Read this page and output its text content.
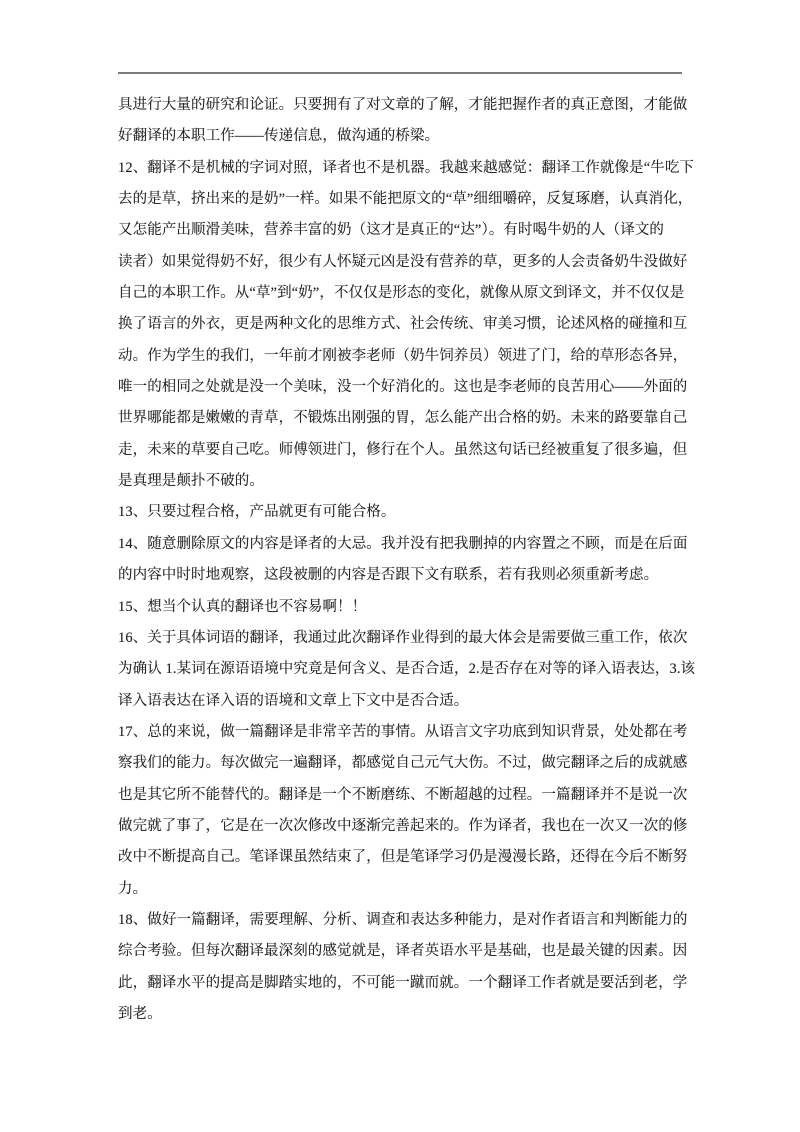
具进行大量的研究和论证。只要拥有了对文章的了解，才能把握作者的真正意图，才能做
好翻译的本职工作——传递信息，做沟通的桥梁。
12、翻译不是机械的字词对照，译者也不是机器。我越来越感觉：翻译工作就像是“牛吃下
去的是草，挤出来的是奶”一样。如果不能把原文的“草”细细嚼碎，反复琢磨，认真消化，
又怎能产出顺滑美味，营养丰富的奶（这才是真正的“达”）。有时喝牛奶的人（译文的
读者）如果觉得奶不好，很少有人怀疑元凶是没有营养的草，更多的人会责备奶牛没做好
自己的本职工作。从“草”到“奶”，不仅仅是形态的变化，就像从原文到译文，并不仅仅是
换了语言的外衣，更是两种文化的思维方式、社会传统、审美习惯，论述风格的碰撞和互
动。作为学生的我们，一年前才刚被李老师（奶牛饲养员）领进了门，给的草形态各异，
唯一的相同之处就是没一个美味，没一个好消化的。这也是李老师的良苦用心——外面的
世界哪能都是嫩嫩的青草，不锻炼出刚强的胃，怎么能产出合格的奶。未来的路要靠自己
走，未来的草要自己吃。师傅领进门，修行在个人。虽然这句话已经被重复了很多遍，但
是真理是颠扑不破的。
13、只要过程合格，产品就更有可能合格。
14、随意删除原文的内容是译者的大忌。我并没有把我删掉的内容置之不顾，而是在后面
的内容中时时地观察，这段被删的内容是否跟下文有联系，若有我则必须重新考虑。
15、想当个认真的翻译也不容易啊！！
16、关于具体词语的翻译，我通过此次翻译作业得到的最大体会是需要做三重工作，依次
为确认 1.某词在源语语境中究竟是何含义、是否合适，2.是否存在对等的译入语表达，3.该
译入语表达在译入语的语境和文章上下文中是否合适。
17、总的来说，做一篇翻译是非常辛苦的事情。从语言文字功底到知识背景，处处都在考
察我们的能力。每次做完一遍翻译，都感觉自己元气大伤。不过，做完翻译之后的成就感
也是其它所不能替代的。翻译是一个不断磨练、不断超越的过程。一篇翻译并不是说一次
做完就了事了，它是在一次次修改中逐渐完善起来的。作为译者，我也在一次又一次的修
改中不断提高自己。笔译课虽然结束了，但是笔译学习仍是漫漫长路，还得在今后不断努
力。
18、做好一篇翻译，需要理解、分析、调查和表达多种能力，是对作者语言和判断能力的
综合考验。但每次翻译最深刻的感觉就是，译者英语水平是基础，也是最关键的因素。因
此，翻译水平的提高是脚踏实地的，不可能一蹴而就。一个翻译工作者就是要活到老，学
到老。
